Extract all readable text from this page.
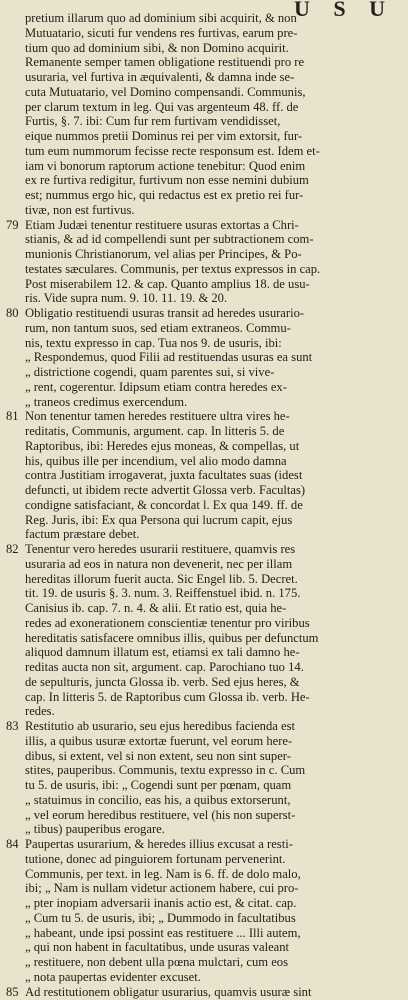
U S U
pretium illarum quo ad dominium sibi acquirit, & non
Mutuatario, sicuti fur vendens res furtivas, earum pre-
tium quo ad dominium sibi, & non Domino acquirit.
Remanente semper tamen obligatione restituendi pro re
usuraria, vel furtiva in æquivalenti, & damna inde se-
cuta Mutuatario, vel Domino compensandi. Communis,
per clarum textum in leg. Qui vas argenteum 48. ff. de
Furtis, §. 7. ibi: Cum fur rem furtivam vendidisset,
eique nummos pretii Dominus rei per vim extorsit, fur-
tum eum nummorum fecisse recte responsum est. Idem et-
iam vi bonorum raptorum actione tenebitur: Quod enim
ex re furtiva redigitur, furtivum non esse nemini dubium
est; nummus ergo hic, qui redactus est ex pretio rei fur-
tivæ, non est furtivus.
79 Etiam Judæi tenentur restituere usuras extortas a Chri-
stianis, & ad id compellendi sunt per subtractionem com-
munionis Christianorum, vel alias per Principes, & Po-
testates sæculares. Communis, per textus expressos in cap.
Post miserabilem 12. & cap. Quanto amplius 18. de usu-
ris. Vide supra num. 9. 10. 11. 19. & 20.
80 Obligatio restituendi usuras transit ad heredes usurario-
rum, non tantum suos, sed etiam extraneos. Commu-
nis, textu expresso in cap. Tua nos 9. de usuris, ibi:
„ Respondemus, quod Filii ad restituendas usuras ea sunt
„ districtione cogendi, quam parentes sui, si vive-
„ rent, cogerentur. Idipsum etiam contra heredes ex-
„ traneos credimus exercendum.
81 Non tenentur tamen heredes restituere ultra vires he-
reditatis, Communis, argument. cap. In litteris 5. de
Raptoribus, ibi: Heredes ejus moneas, & compellas, ut
his, quibus ille per incendium, vel alio modo damna
contra Justitiam irrogaverat, juxta facultates suas (idest
defuncti, ut ibidem recte advertit Glossa verb. Facultas)
condigne satisfaciant, & concordat l. Ex qua 149. ff. de
Reg. Juris, ibi: Ex qua Persona qui lucrum capit, ejus
factum præstare debet.
82 Tenentur vero heredes usurarii restituere, quamvis res
usuraria ad eos in natura non devenerit, nec per illam
hereditas illorum fuerit aucta. Sic Engel lib. 5. Decret.
tit. 19. de usuris §. 3. num. 3. Reiffenstuel ibid. n. 175.
Canisius ib. cap. 7. n. 4. & alii. Et ratio est, quia he-
redes ad exonerationem conscientiæ tenentur pro viribus
hereditatis satisfacere omnibus illis, quibus per defunctum
aliquod damnum illatum est, etiamsi ex tali damno he-
reditas aucta non sit, argument. cap. Parochiano tuo 14.
de sepulturis, juncta Glossa ib. verb. Sed ejus heres, &
cap. In litteris 5. de Raptoribus cum Glossa ib. verb. He-
redes.
83 Restitutio ab usurario, seu ejus heredibus facienda est
illis, a quibus usuræ extortæ fuerunt, vel eorum here-
dibus, si extent, vel si non extent, seu non sint super-
stites, pauperibus. Communis, textu expresso in c. Cum
tu 5. de usuris, ibi: „ Cogendi sunt per pœnam, quam
„ statuimus in concilio, eas his, a quibus extorserunt,
„ vel eorum heredibus restituere, vel (his non superst-
„ tibus) pauperibus erogare.
84 Paupertas usurarium, & heredes illius excusat a resti-
tutione, donec ad pinguiorem fortunam pervenerint.
Communis, per text. in leg. Nam is 6. ff. de dolo malo,
ibi; „ Nam is nullam videtur actionem habere, cui pro-
„ pter inopiam adversarii inanis actio est, & citat. cap.
„ Cum tu 5. de usuris, ibi; „ Dummodo in facultatibus
„ habeant, unde ipsi possint eas restituere ... Illi autem,
„ qui non habent in facultatibus, unde usuras valeant
„ restituere, non debent ulla pœna mulctari, cum eos
„ nota paupertas evidenter excuset.
85 Ad restitutionem obligatur usurarius, quamvis usuræ sint
